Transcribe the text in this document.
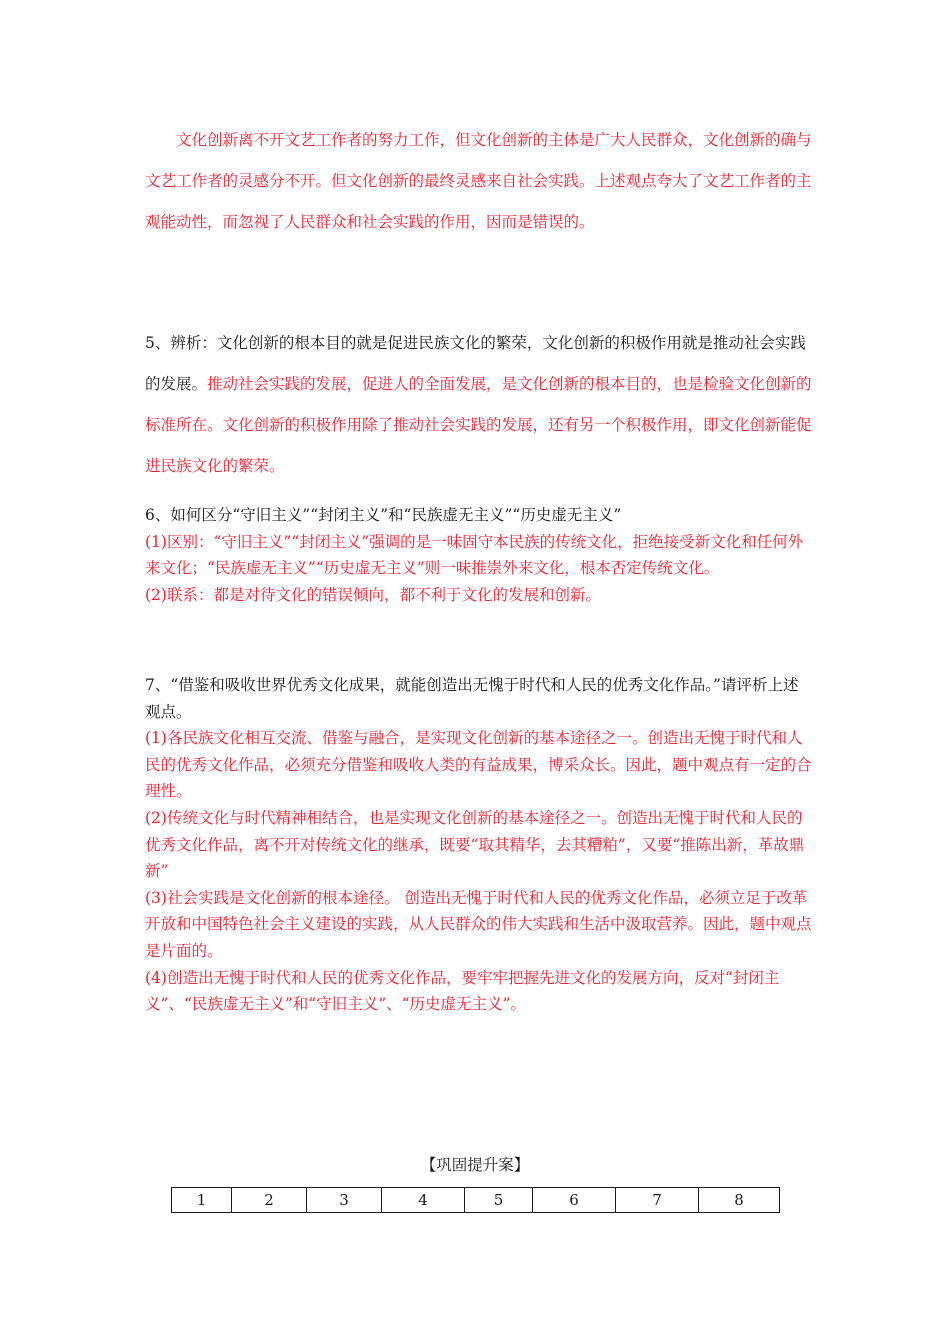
文化创新离不开文艺工作者的努力工作，但文化创新的主体是广大人民群众，文化创新的确与文艺工作者的灵感分不开。但文化创新的最终灵感来自社会实践。上述观点夸大了文艺工作者的主观能动性，而忽视了人民群众和社会实践的作用，因而是错误的。
5、辨析：文化创新的根本目的就是促进民族文化的繁荣，文化创新的积极作用就是推动社会实践的发展。推动社会实践的发展，促进人的全面发展，是文化创新的根本目的，也是检验文化创新的标准所在。文化创新的积极作用除了推动社会实践的发展，还有另一个积极作用，即文化创新能促进民族文化的繁荣。
6、如何区分“守旧主义”“封闭主义”和“民族虚无主义”“历史虚无主义”
(1)区别：“守旧主义”“封闭主义”强调的是一味固守本民族的传统文化，拒绝接受新文化和任何外来文化；“民族虚无主义”“历史虚无主义”则一味推崇外来文化，根本否定传统文化。
(2)联系：都是对待文化的错误倾向，都不利于文化的发展和创新。
7、“借鉴和吸收世界优秀文化成果，就能创造出无愧于时代和人民的优秀文化作品。”请评析上述观点。
(1)各民族文化相互交流、借鉴与融合，是实现文化创新的基本途径之一。创造出无愧于时代和人民的优秀文化作品，必须充分借鉴和吸收人类的有益成果，博采众长。因此，题中观点有一定的合理性。
(2)传统文化与时代精神相结合，也是实现文化创新的基本途径之一。创造出无愧于时代和人民的优秀文化作品，离不开对传统文化的继承，既要“取其精华，去其糟粕”，又要“推陈出新，革故鼎新”
(3)社会实践是文化创新的根本途径。 创造出无愧于时代和人民的优秀文化作品，必须立足于改革开放和中国特色社会主义建设的实践，从人民群众的伟大实践和生活中汲取营养。因此，题中观点是片面的。
(4)创造出无愧于时代和人民的优秀文化作品，要牢牢把握先进文化的发展方向，反对“封闭主义”、“民族虚无主义”和“守旧主义”、“历史虚无主义”。
【巩固提升案】
1	2	3	4	5	6	7	8
